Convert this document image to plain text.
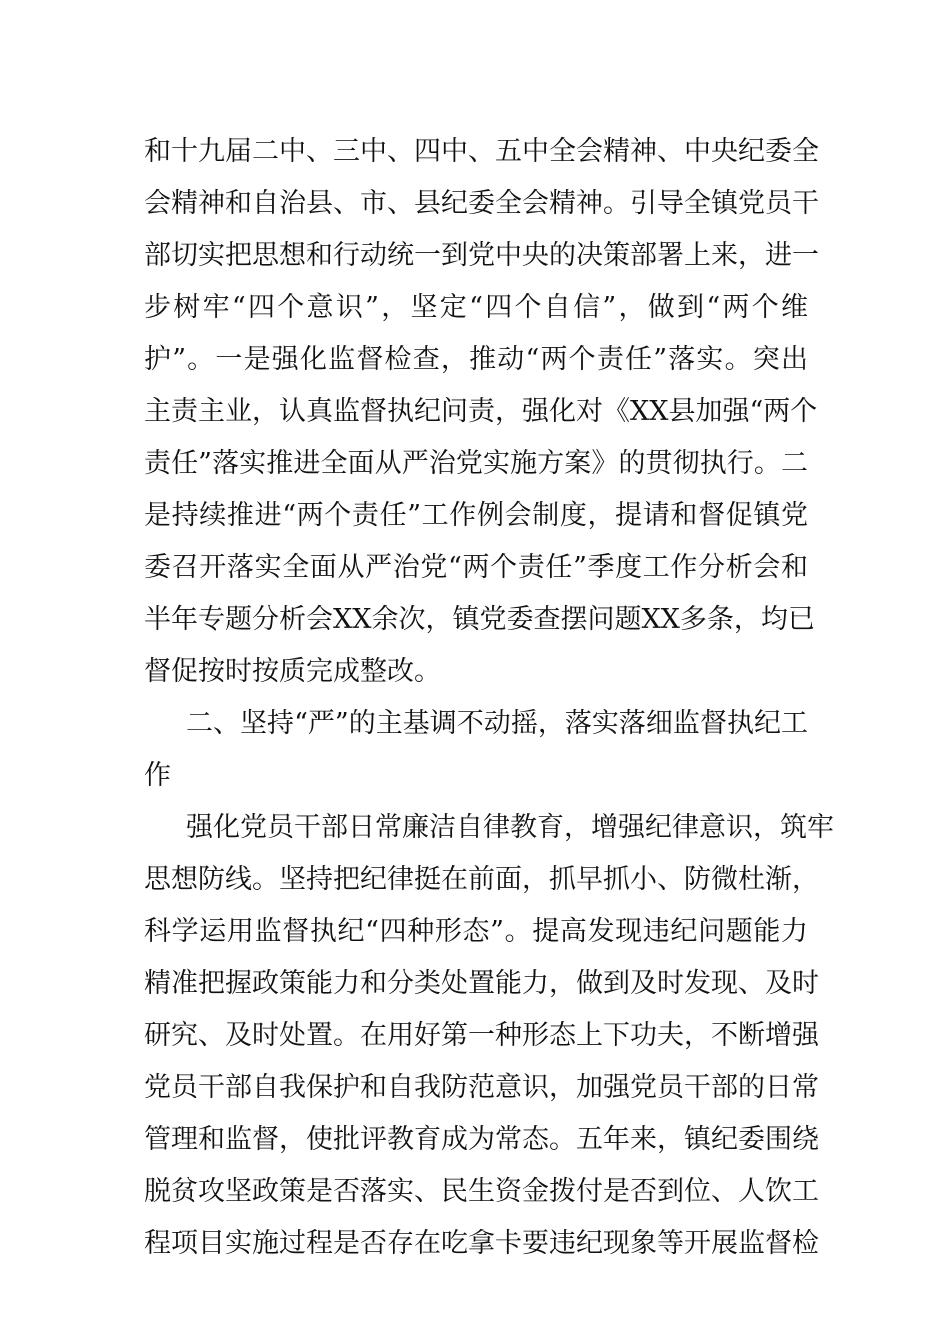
和十九届二中、三中、四中、五中全会精神、中央纪委全
会精神和自治县、市、县纪委全会精神。引导全镇党员干
部切实把思想和行动统一到党中央的决策部署上来，进一
步树牢“四个意识”，坚定“四个自信”，做到“两个维
护”。一是强化监督检查，推动“两个责任”落实。突出
主责主业，认真监督执纪问责，强化对《XX县加强“两个
责任”落实推进全面从严治党实施方案》的贯彻执行。二
是持续推进“两个责任”工作例会制度，提请和督促镇党
委召开落实全面从严治党“两个责任”季度工作分析会和
半年专题分析会XX余次，镇党委查摆问题XX多条，均已
督促按时按质完成整改。
二、坚持“严”的主基调不动摇，落实落细监督执纪工
作
强化党员干部日常廉洁自律教育，增强纪律意识，筑牢
思想防线。坚持把纪律挺在前面，抓早抓小、防微杜渐，
科学运用监督执纪“四种形态”。提高发现违纪问题能力
精准把握政策能力和分类处置能力，做到及时发现、及时
研究、及时处置。在用好第一种形态上下功夫，不断增强
党员干部自我保护和自我防范意识，加强党员干部的日常
管理和监督，使批评教育成为常态。五年来，镇纪委围绕
脱贫攻坚政策是否落实、民生资金拨付是否到位、人饮工
程项目实施过程是否存在吃拿卡要违纪现象等开展监督检
